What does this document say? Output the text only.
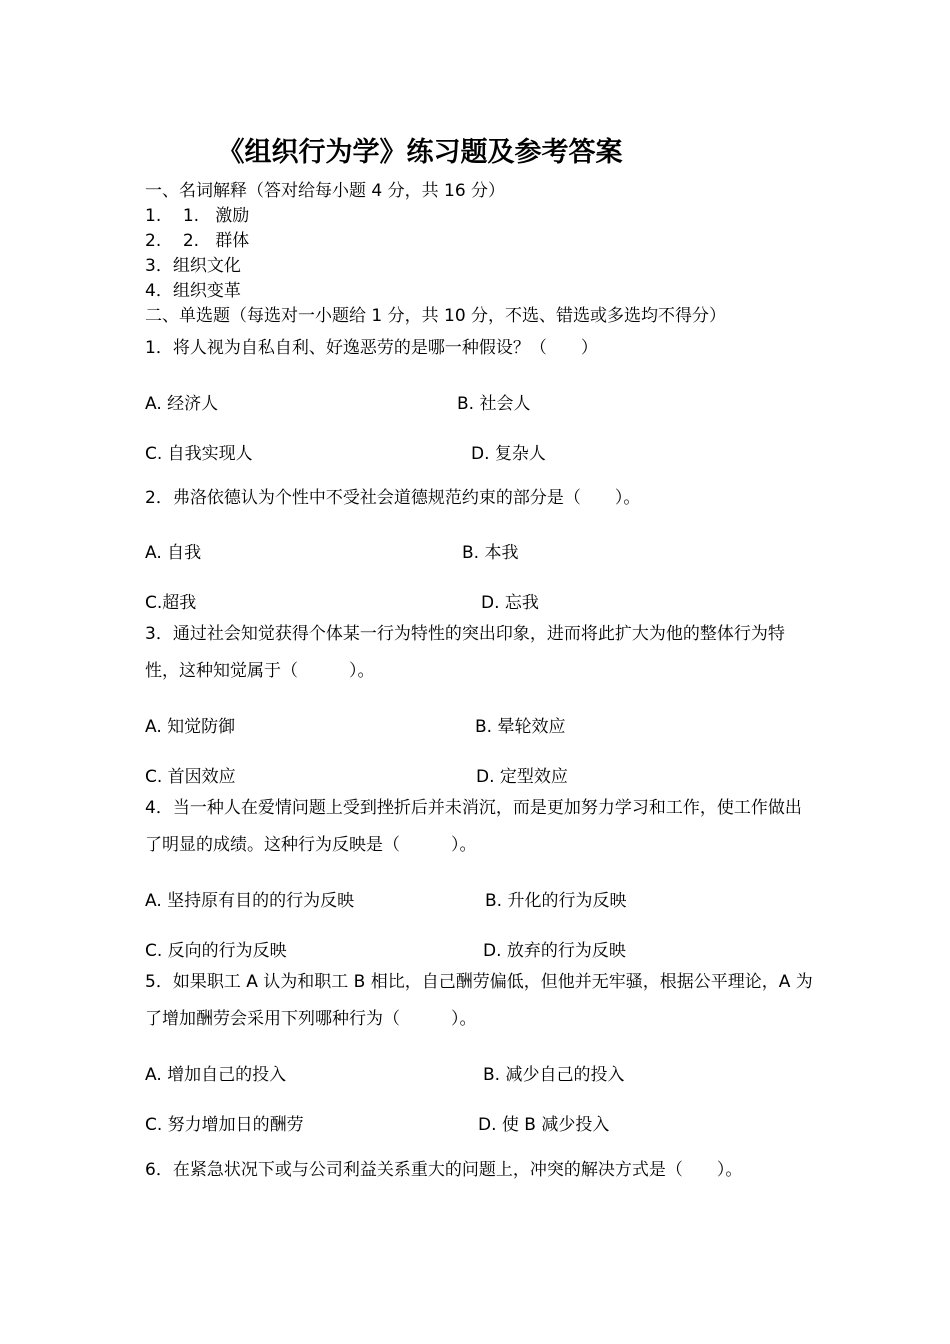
《组织行为学》练习题及参考答案
一、名词解释（答对给每小题 4 分，共 16 分）
1.    1.   激励
2.    2.   群体
3．组织文化
4．组织变革
二、单选题（每选对一小题给 1 分，共 10 分，不选、错选或多选均不得分）
1．将人视为自私自利、好逸恶劳的是哪一种假设？（　　）
A. 经济人	B. 社会人
C. 自我实现人	D. 复杂人
2．弗洛依德认为个性中不受社会道德规范约束的部分是（　　）。
A. 自我	B. 本我
C.超我	D. 忘我
3．通过社会知觉获得个体某一行为特性的突出印象，进而将此扩大为他的整体行为特性，这种知觉属于（　　　）。
A. 知觉防御	B. 晕轮效应
C. 首因效应	D. 定型效应
4．当一种人在爱情问题上受到挫折后并未消沉，而是更加努力学习和工作，使工作做出了明显的成绩。这种行为反映是（　　　）。
A. 坚持原有目的的行为反映	B. 升化的行为反映
C. 反向的行为反映	D. 放弃的行为反映
5．如果职工 A 认为和职工 B 相比，自己酬劳偏低，但他并无牢骚，根据公平理论，A 为了增加酬劳会采用下列哪种行为（　　　）。
A. 增加自己的投入	B. 减少自己的投入
C. 努力增加日的酬劳	D. 使 B 减少投入
6．在紧急状况下或与公司利益关系重大的问题上，冲突的解决方式是（　　）。
